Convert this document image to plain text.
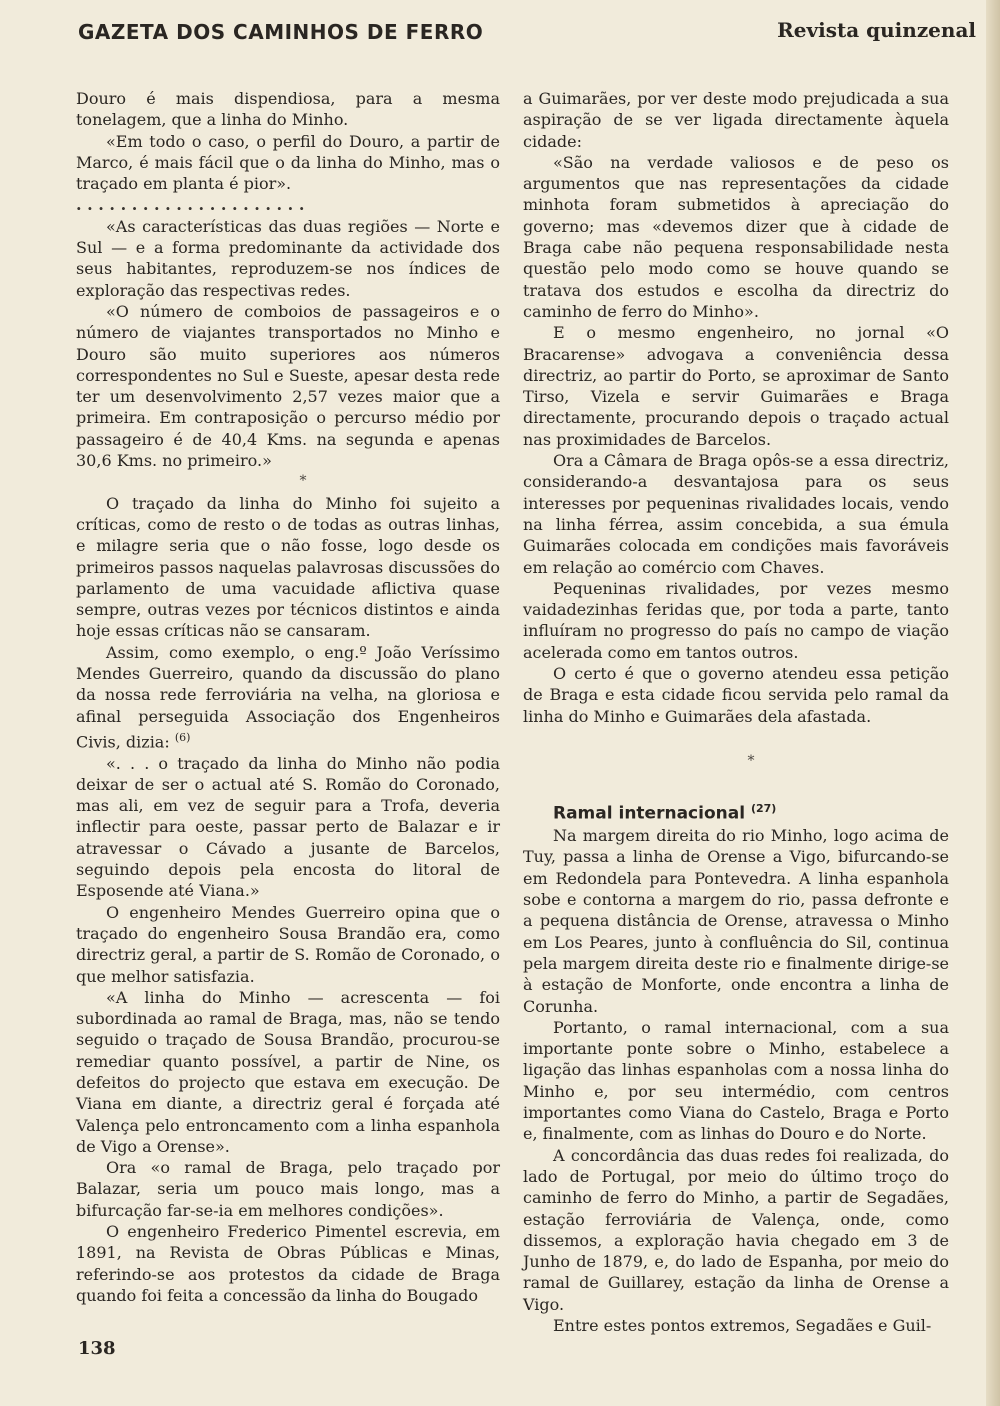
GAZETA DOS CAMINHOS DE FERRO	Revista quinzenal

Douro é mais dispendiosa, para a mesma tonelagem, que a linha do Minho.

«Em todo o caso, o perfil do Douro, a partir de Marco, é mais fácil que o da linha do Minho, mas o traçado em planta é pior».

. . . . . . . . . . . . . . . . . . . . .

«As características das duas regiões — Norte e Sul — e a forma predominante da actividade dos seus habitantes, reproduzem-se nos índices de exploração das respectivas redes.

«O número de comboios de passageiros e o número de viajantes transportados no Minho e Douro são muito superiores aos números correspondentes no Sul e Sueste, apesar desta rede ter um desenvolvimento 2,57 vezes maior que a primeira. Em contraposição o percurso médio por passageiro é de 40,4 Kms. na segunda e apenas 30,6 Kms. no primeiro.»

*

O traçado da linha do Minho foi sujeito a críticas, como de resto o de todas as outras linhas, e milagre seria que o não fosse, logo desde os primeiros passos naquelas palavrosas discussões do parlamento de uma vacuidade aflictiva quase sempre, outras vezes por técnicos distintos e ainda hoje essas críticas não se cansaram.

Assim, como exemplo, o eng.º João Veríssimo Mendes Guerreiro, quando da discussão do plano da nossa rede ferroviária na velha, na gloriosa e afinal perseguida Associação dos Engenheiros Civis, dizia: $^{(6)}$

«. . . o traçado da linha do Minho não podia deixar de ser o actual até S. Romão do Coronado, mas ali, em vez de seguir para a Trofa, deveria inflectir para oeste, passar perto de Balazar e ir atravessar o Cávado a jusante de Barcelos, seguindo depois pela encosta do litoral de Esposende até Viana.»

O engenheiro Mendes Guerreiro opina que o traçado do engenheiro Sousa Brandão era, como directriz geral, a partir de S. Romão de Coronado, o que melhor satisfazia.

«A linha do Minho — acrescenta — foi subordinada ao ramal de Braga, mas, não se tendo seguido o traçado de Sousa Brandão, procurou-se remediar quanto possível, a partir de Nine, os defeitos do projecto que estava em execução. De Viana em diante, a directriz geral é forçada até Valença pelo entroncamento com a linha espanhola de Vigo a Orense».

Ora «o ramal de Braga, pelo traçado por Balazar, seria um pouco mais longo, mas a bifurcação far-se-ia em melhores condições».

O engenheiro Frederico Pimentel escrevia, em 1891, na Revista de Obras Públicas e Minas, referindo-se aos protestos da cidade de Braga quando foi feita a concessão da linha do Bougado

a Guimarães, por ver deste modo prejudicada a sua aspiração de se ver ligada directamente àquela cidade:

«São na verdade valiosos e de peso os argumentos que nas representações da cidade minhota foram submetidos à apreciação do governo; mas «devemos dizer que à cidade de Braga cabe não pequena responsabilidade nesta questão pelo modo como se houve quando se tratava dos estudos e escolha da directriz do caminho de ferro do Minho».

E o mesmo engenheiro, no jornal «O Bracarense» advogava a conveniência dessa directriz, ao partir do Porto, se aproximar de Santo Tirso, Vizela e servir Guimarães e Braga directamente, procurando depois o traçado actual nas proximidades de Barcelos.

Ora a Câmara de Braga opôs-se a essa directriz, considerando-a desvantajosa para os seus interesses por pequeninas rivalidades locais, vendo na linha férrea, assim concebida, a sua émula Guimarães colocada em condições mais favoráveis em relação ao comércio com Chaves.

Pequeninas rivalidades, por vezes mesmo vaidadezinhas feridas que, por toda a parte, tanto influíram no progresso do país no campo de viação acelerada como em tantos outros.

O certo é que o governo atendeu essa petição de Braga e esta cidade ficou servida pelo ramal da linha do Minho e Guimarães dela afastada.

*

Ramal internacional $^{(27)}$

Na margem direita do rio Minho, logo acima de Tuy, passa a linha de Orense a Vigo, bifurcando-se em Redondela para Pontevedra. A linha espanhola sobe e contorna a margem do rio, passa defronte e a pequena distância de Orense, atravessa o Minho em Los Peares, junto à confluência do Sil, continua pela margem direita deste rio e finalmente dirige-se à estação de Monforte, onde encontra a linha de Corunha.

Portanto, o ramal internacional, com a sua importante ponte sobre o Minho, estabelece a ligação das linhas espanholas com a nossa linha do Minho e, por seu intermédio, com centros importantes como Viana do Castelo, Braga e Porto e, finalmente, com as linhas do Douro e do Norte.

A concordância das duas redes foi realizada, do lado de Portugal, por meio do último troço do caminho de ferro do Minho, a partir de Segadães, estação ferroviária de Valença, onde, como dissemos, a exploração havia chegado em 3 de Junho de 1879, e, do lado de Espanha, por meio do ramal de Guillarey, estação da linha de Orense a Vigo.

Entre estes pontos extremos, Segadães e Guil-

138
